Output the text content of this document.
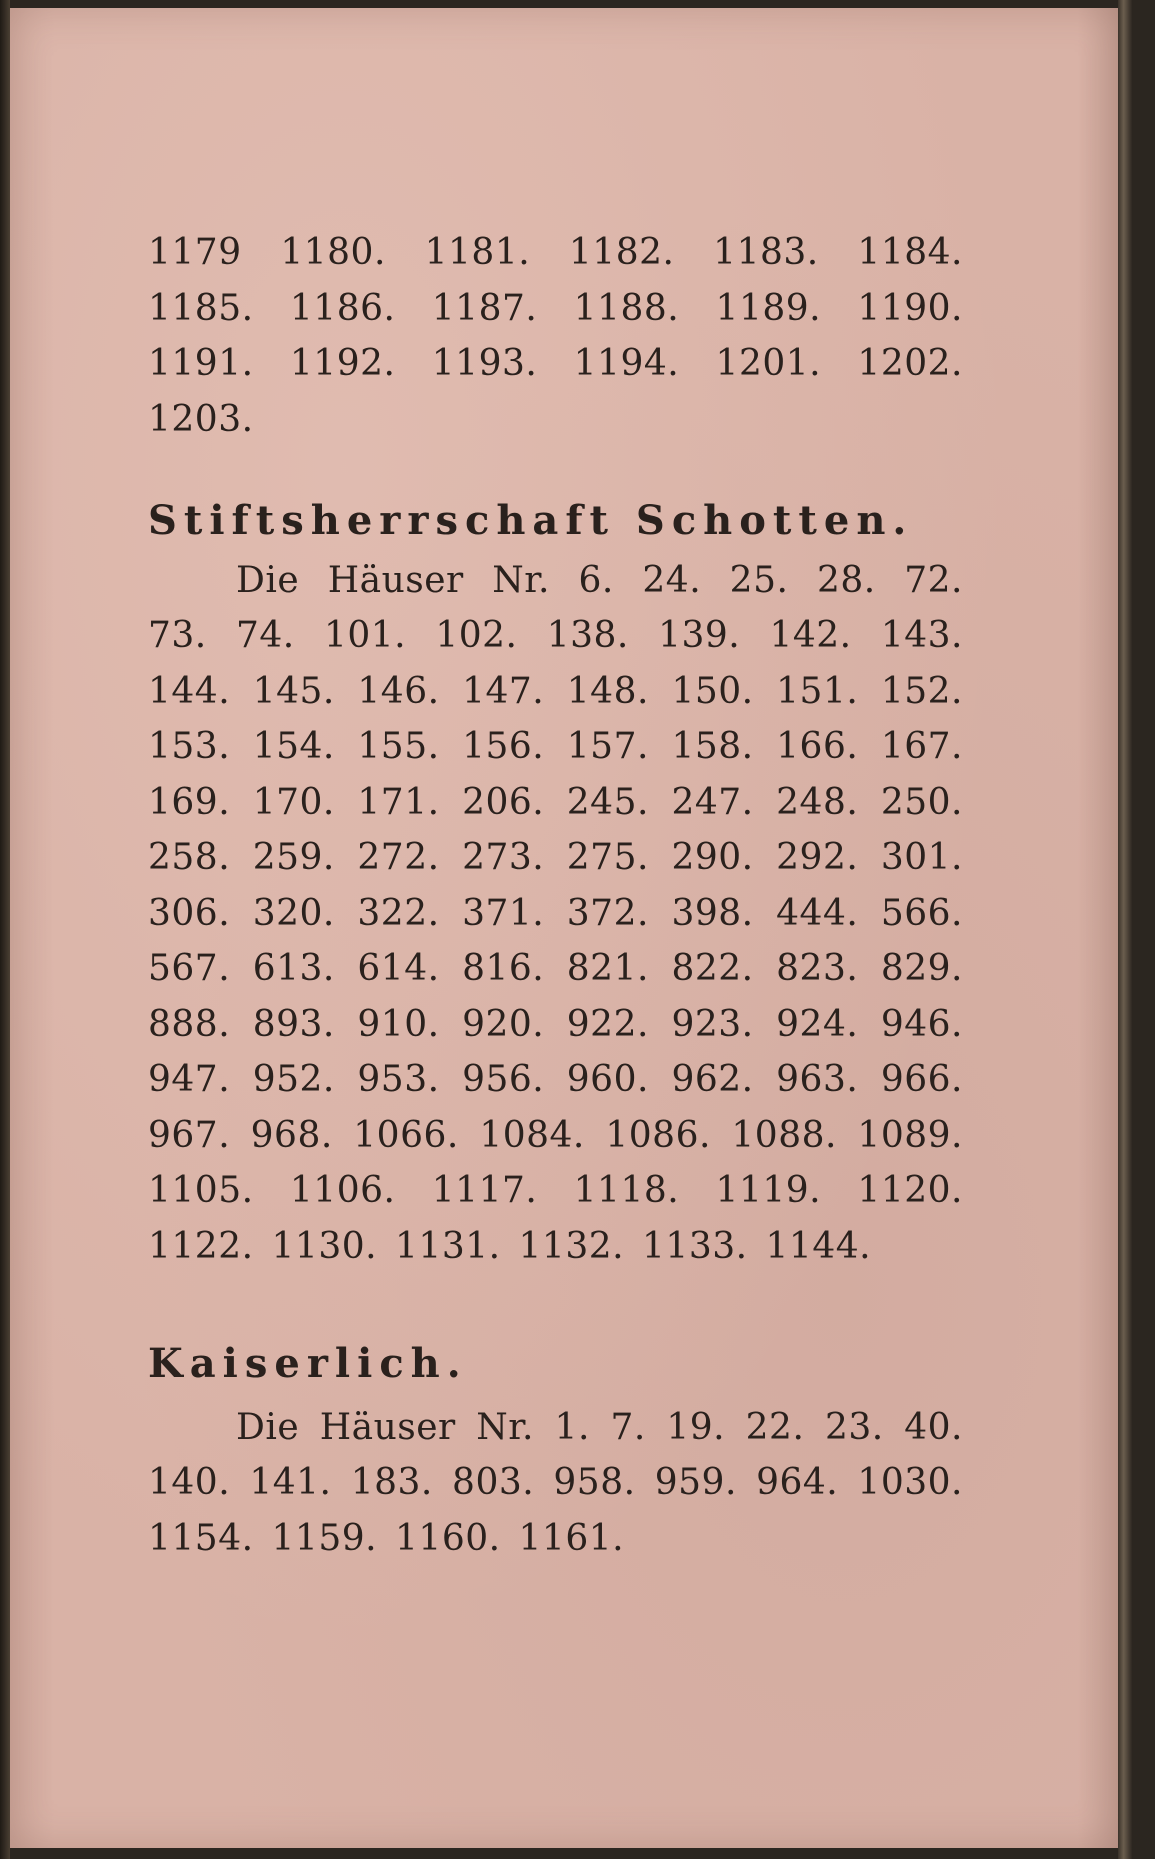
1179 1180. 1181. 1182. 1183. 1184. 1185. 1186. 1187. 1188. 1189. 1190. 1191. 1192. 1193. 1194. 1201. 1202. 1203.

Stiftsherrschaft Schotten.

Die Häuser Nr. 6. 24. 25. 28. 72. 73. 74. 101. 102. 138. 139. 142. 143. 144. 145. 146. 147. 148. 150. 151. 152. 153. 154. 155. 156. 157. 158. 166. 167. 169. 170. 171. 206. 245. 247. 248. 250. 258. 259. 272. 273. 275. 290. 292. 301. 306. 320. 322. 371. 372. 398. 444. 566. 567. 613. 614. 816. 821. 822. 823. 829. 888. 893. 910. 920. 922. 923. 924. 946. 947. 952. 953. 956. 960. 962. 963. 966. 967. 968. 1066. 1084. 1086. 1088. 1089. 1105. 1106. 1117. 1118. 1119. 1120. 1122. 1130. 1131. 1132. 1133. 1144.

Kaiserlich.

Die Häuser Nr. 1. 7. 19. 22. 23. 40. 140. 141. 183. 803. 958. 959. 964. 1030. 1154. 1159. 1160. 1161.
